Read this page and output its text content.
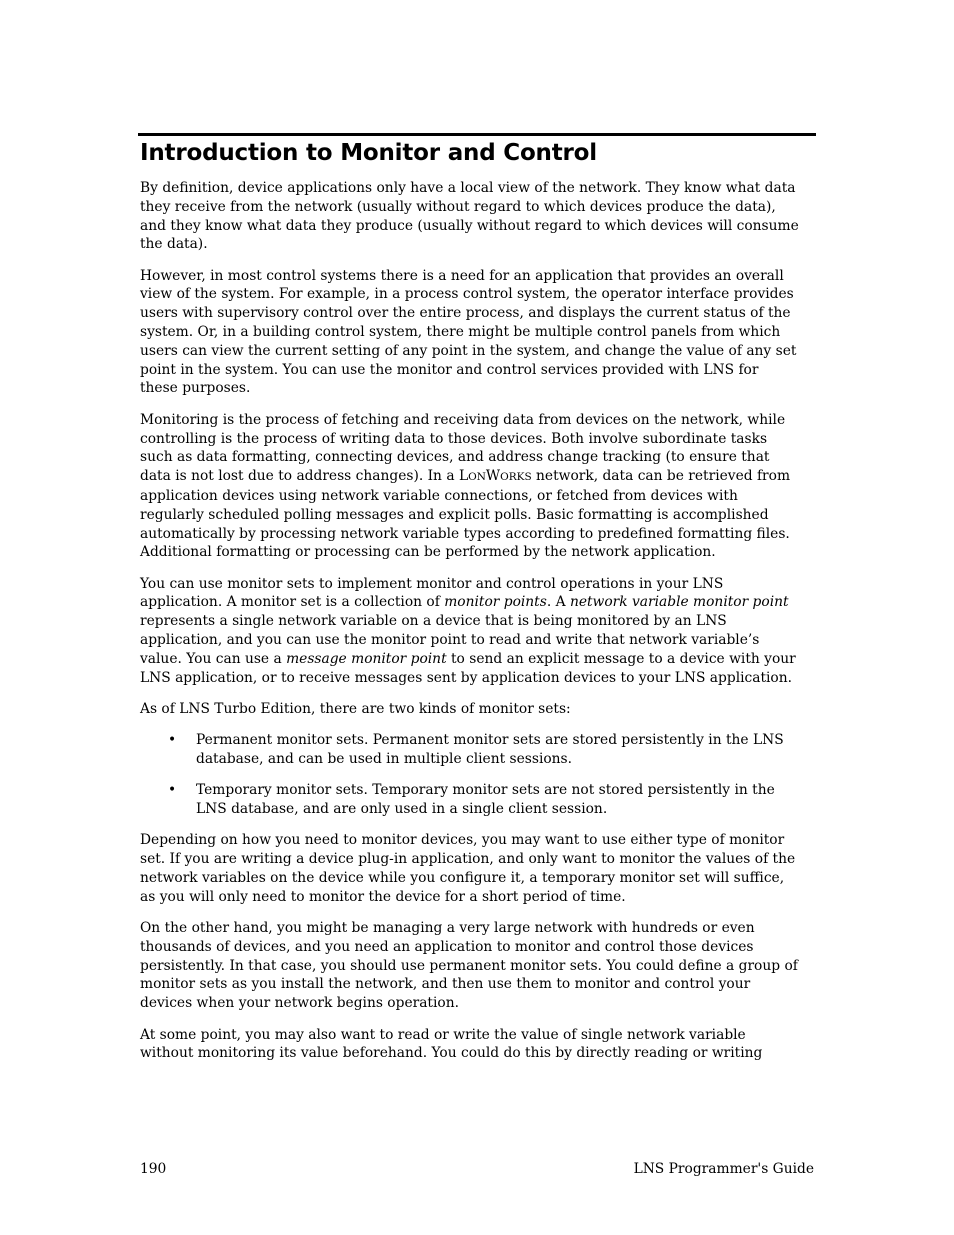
Introduction to Monitor and Control

By definition, device applications only have a local view of the network. They know what data they receive from the network (usually without regard to which devices produce the data), and they know what data they produce (usually without regard to which devices will consume the data).

However, in most control systems there is a need for an application that provides an overall view of the system. For example, in a process control system, the operator interface provides users with supervisory control over the entire process, and displays the current status of the system. Or, in a building control system, there might be multiple control panels from which users can view the current setting of any point in the system, and change the value of any set point in the system. You can use the monitor and control services provided with LNS for these purposes.

Monitoring is the process of fetching and receiving data from devices on the network, while controlling is the process of writing data to those devices. Both involve subordinate tasks such as data formatting, connecting devices, and address change tracking (to ensure that data is not lost due to address changes). In a LONWORKS network, data can be retrieved from application devices using network variable connections, or fetched from devices with regularly scheduled polling messages and explicit polls. Basic formatting is accomplished automatically by processing network variable types according to predefined formatting files. Additional formatting or processing can be performed by the network application.

You can use monitor sets to implement monitor and control operations in your LNS application. A monitor set is a collection of monitor points. A network variable monitor point represents a single network variable on a device that is being monitored by an LNS application, and you can use the monitor point to read and write that network variable’s value. You can use a message monitor point to send an explicit message to a device with your LNS application, or to receive messages sent by application devices to your LNS application.

As of LNS Turbo Edition, there are two kinds of monitor sets:

• Permanent monitor sets. Permanent monitor sets are stored persistently in the LNS database, and can be used in multiple client sessions.
• Temporary monitor sets. Temporary monitor sets are not stored persistently in the LNS database, and are only used in a single client session.

Depending on how you need to monitor devices, you may want to use either type of monitor set. If you are writing a device plug-in application, and only want to monitor the values of the network variables on the device while you configure it, a temporary monitor set will suffice, as you will only need to monitor the device for a short period of time.

On the other hand, you might be managing a very large network with hundreds or even thousands of devices, and you need an application to monitor and control those devices persistently. In that case, you should use permanent monitor sets. You could define a group of monitor sets as you install the network, and then use them to monitor and control your devices when your network begins operation.

At some point, you may also want to read or write the value of single network variable without monitoring its value beforehand. You could do this by directly reading or writing

190	LNS Programmer's Guide
